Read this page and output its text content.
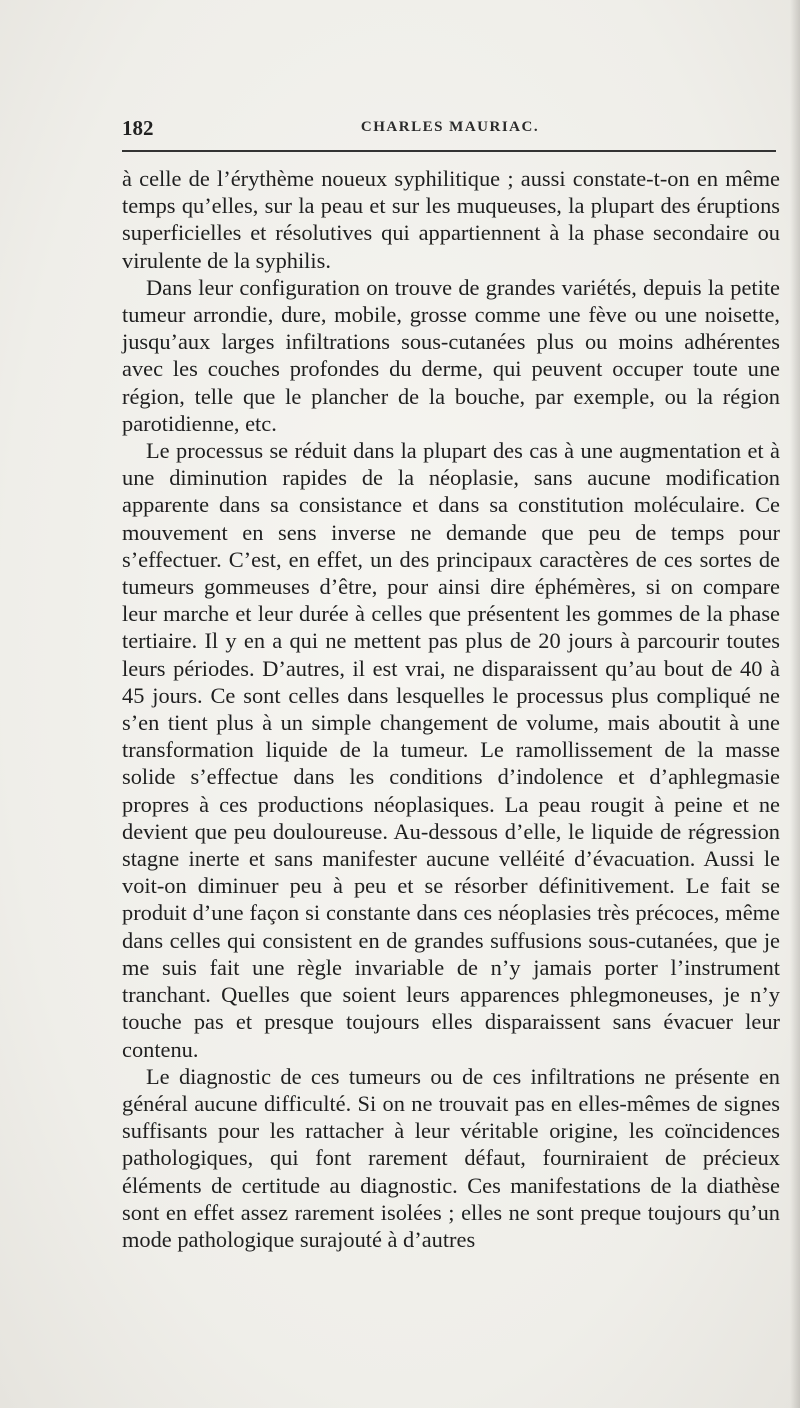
182	CHARLES MAURIAC.

à celle de l’érythème noueux syphilitique ; aussi constate-t-on en même temps qu’elles, sur la peau et sur les muqueuses, la plupart des éruptions superficielles et résolutives qui appartiennent à la phase secondaire ou virulente de la syphilis.

Dans leur configuration on trouve de grandes variétés, depuis la petite tumeur arrondie, dure, mobile, grosse comme une fève ou une noisette, jusqu’aux larges infiltrations sous-cutanées plus ou moins adhérentes avec les couches profondes du derme, qui peuvent occuper toute une région, telle que le plancher de la bouche, par exemple, ou la région parotidienne, etc.

Le processus se réduit dans la plupart des cas à une augmentation et à une diminution rapides de la néoplasie, sans aucune modification apparente dans sa consistance et dans sa constitution moléculaire. Ce mouvement en sens inverse ne demande que peu de temps pour s’effectuer. C’est, en effet, un des principaux caractères de ces sortes de tumeurs gommeuses d’être, pour ainsi dire éphémères, si on compare leur marche et leur durée à celles que présentent les gommes de la phase tertiaire. Il y en a qui ne mettent pas plus de 20 jours à parcourir toutes leurs périodes. D’autres, il est vrai, ne disparaissent qu’au bout de 40 à 45 jours. Ce sont celles dans lesquelles le processus plus compliqué ne s’en tient plus à un simple changement de volume, mais aboutit à une transformation liquide de la tumeur. Le ramollissement de la masse solide s’effectue dans les conditions d’indolence et d’aphlegmasie propres à ces productions néoplasiques. La peau rougit à peine et ne devient que peu douloureuse. Au-dessous d’elle, le liquide de régression stagne inerte et sans manifester aucune velléité d’évacuation. Aussi le voit-on diminuer peu à peu et se résorber définitivement. Le fait se produit d’une façon si constante dans ces néoplasies très précoces, même dans celles qui consistent en de grandes suffusions sous-cutanées, que je me suis fait une règle invariable de n’y jamais porter l’instrument tranchant. Quelles que soient leurs apparences phlegmoneuses, je n’y touche pas et presque toujours elles disparaissent sans évacuer leur contenu.

Le diagnostic de ces tumeurs ou de ces infiltrations ne présente en général aucune difficulté. Si on ne trouvait pas en elles-mêmes de signes suffisants pour les rattacher à leur véritable origine, les coïncidences pathologiques, qui font rarement défaut, fourniraient de précieux éléments de certitude au diagnostic. Ces manifestations de la diathèse sont en effet assez rarement isolées ; elles ne sont preque toujours qu’un mode pathologique surajouté à d’autres
